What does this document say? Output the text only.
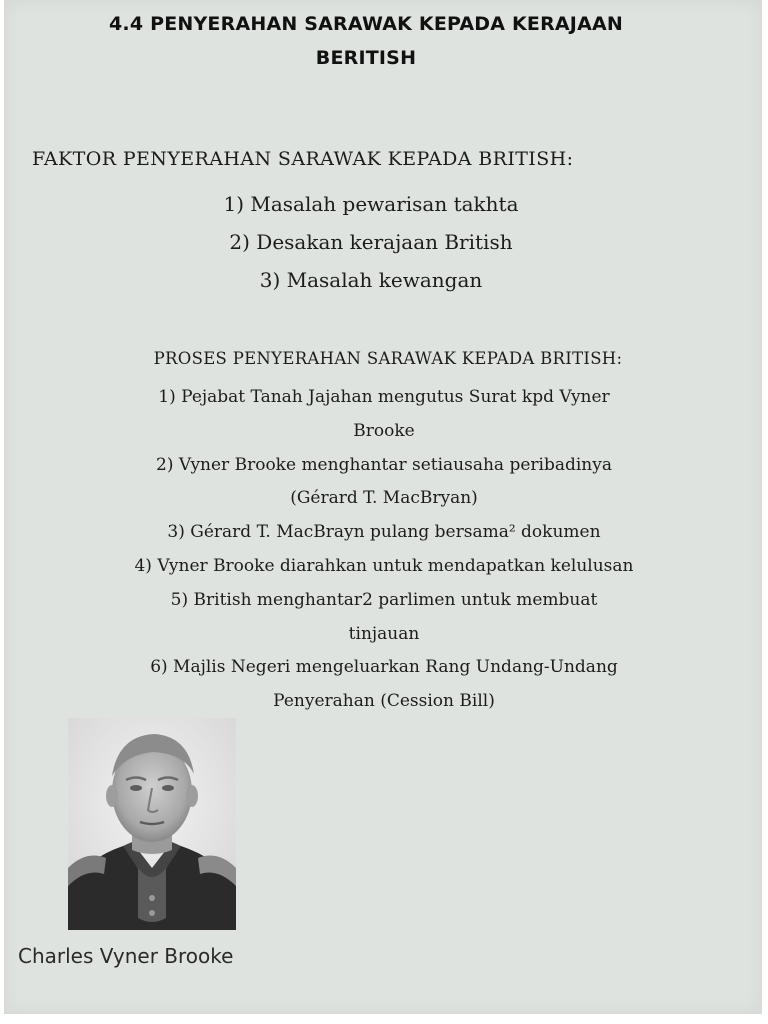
4.4 PENYERAHAN SARAWAK KEPADA KERAJAAN
BERITISH
FAKTOR PENYERAHAN SARAWAK KEPADA BRITISH:
1) Masalah pewarisan takhta
2) Desakan kerajaan British
3) Masalah kewangan
PROSES PENYERAHAN SARAWAK KEPADA BRITISH:
1) Pejabat Tanah Jajahan mengutus Surat kpd Vyner
Brooke
2) Vyner Brooke menghantar setiausaha peribadinya
(Gérard T. MacBryan)
3) Gérard T. MacBrayn pulang bersama² dokumen
4) Vyner Brooke diarahkan untuk mendapatkan kelulusan
5) British menghantar2 parlimen untuk membuat
tinjauan
6) Majlis Negeri mengeluarkan Rang Undang-Undang
Penyerahan (Cession Bill)
Charles Vyner Brooke
